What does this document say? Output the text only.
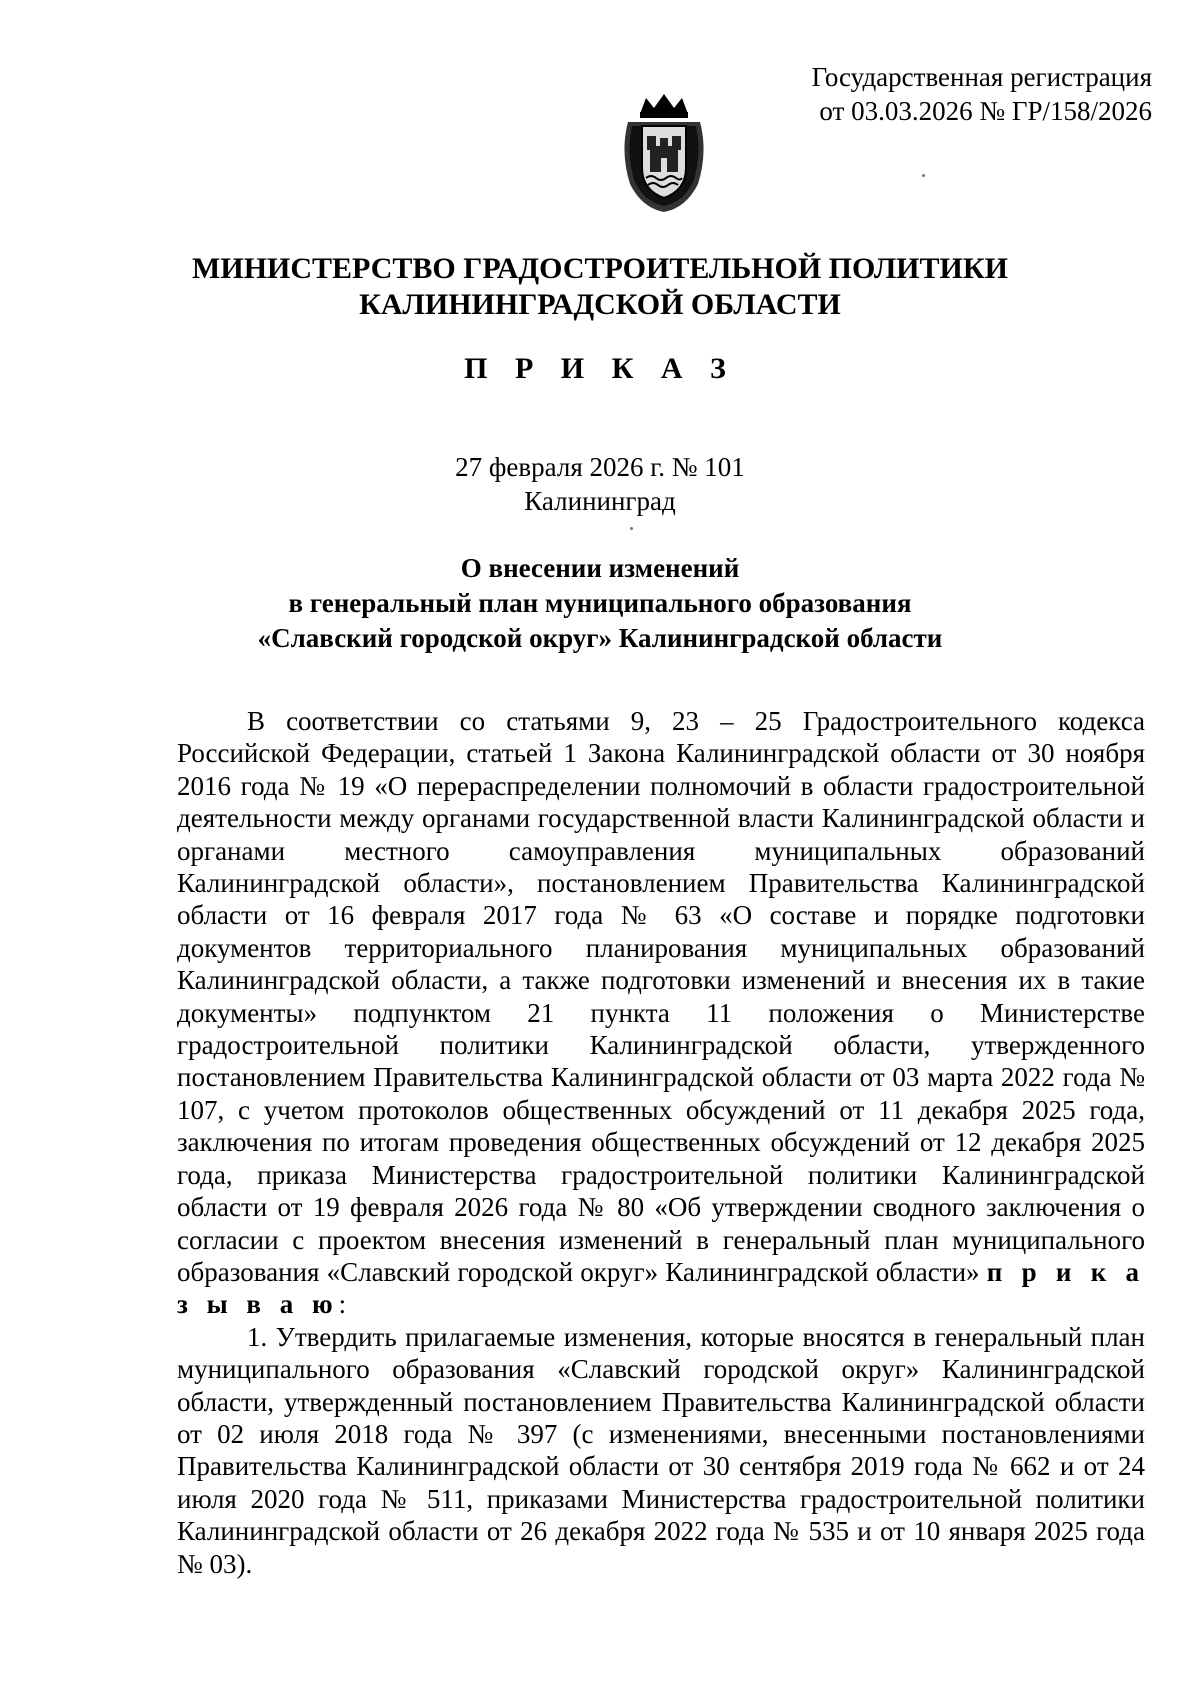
Государственная регистрация
от 03.03.2026 № ГР/158/2026
МИНИСТЕРСТВО ГРАДОСТРОИТЕЛЬНОЙ ПОЛИТИКИ
КАЛИНИНГРАДСКОЙ ОБЛАСТИ
П Р И К А З
27 февраля 2026 г. № 101
Калининград
О внесении изменений
в генеральный план муниципального образования
«Славский городской округ» Калининградской области

В соответствии со статьями 9, 23 – 25 Градостроительного кодекса Российской Федерации, статьей 1 Закона Калининградской области от 30 ноября 2016 года № 19 «О перераспределении полномочий в области градостроительной деятельности между органами государственной власти Калининградской области и органами местного самоуправления муниципальных образований Калининградской области», постановлением Правительства Калининградской области от 16 февраля 2017 года № 63 «О составе и порядке подготовки документов территориального планирования муниципальных образований Калининградской области, а также подготовки изменений и внесения их в такие документы» подпунктом 21 пункта 11 положения о Министерстве градостроительной политики Калининградской области, утвержденного постановлением Правительства Калининградской области от 03 марта 2022 года № 107, с учетом протоколов общественных обсуждений от 11 декабря 2025 года, заключения по итогам проведения общественных обсуждений от 12 декабря 2025 года, приказа Министерства градостроительной политики Калининградской области от 19 февраля 2026 года № 80 «Об утверждении сводного заключения о согласии с проектом внесения изменений в генеральный план муниципального образования «Славский городской округ» Калининградской области» п р и к а з ы в а ю:

1. Утвердить прилагаемые изменения, которые вносятся в генеральный план муниципального образования «Славский городской округ» Калининградской области, утвержденный постановлением Правительства Калининградской области от 02 июля 2018 года № 397 (с изменениями, внесенными постановлениями Правительства Калининградской области от 30 сентября 2019 года № 662 и от 24 июля 2020 года № 511, приказами Министерства градостроительной политики Калининградской области от 26 декабря 2022 года № 535 и от 10 января 2025 года № 03).
